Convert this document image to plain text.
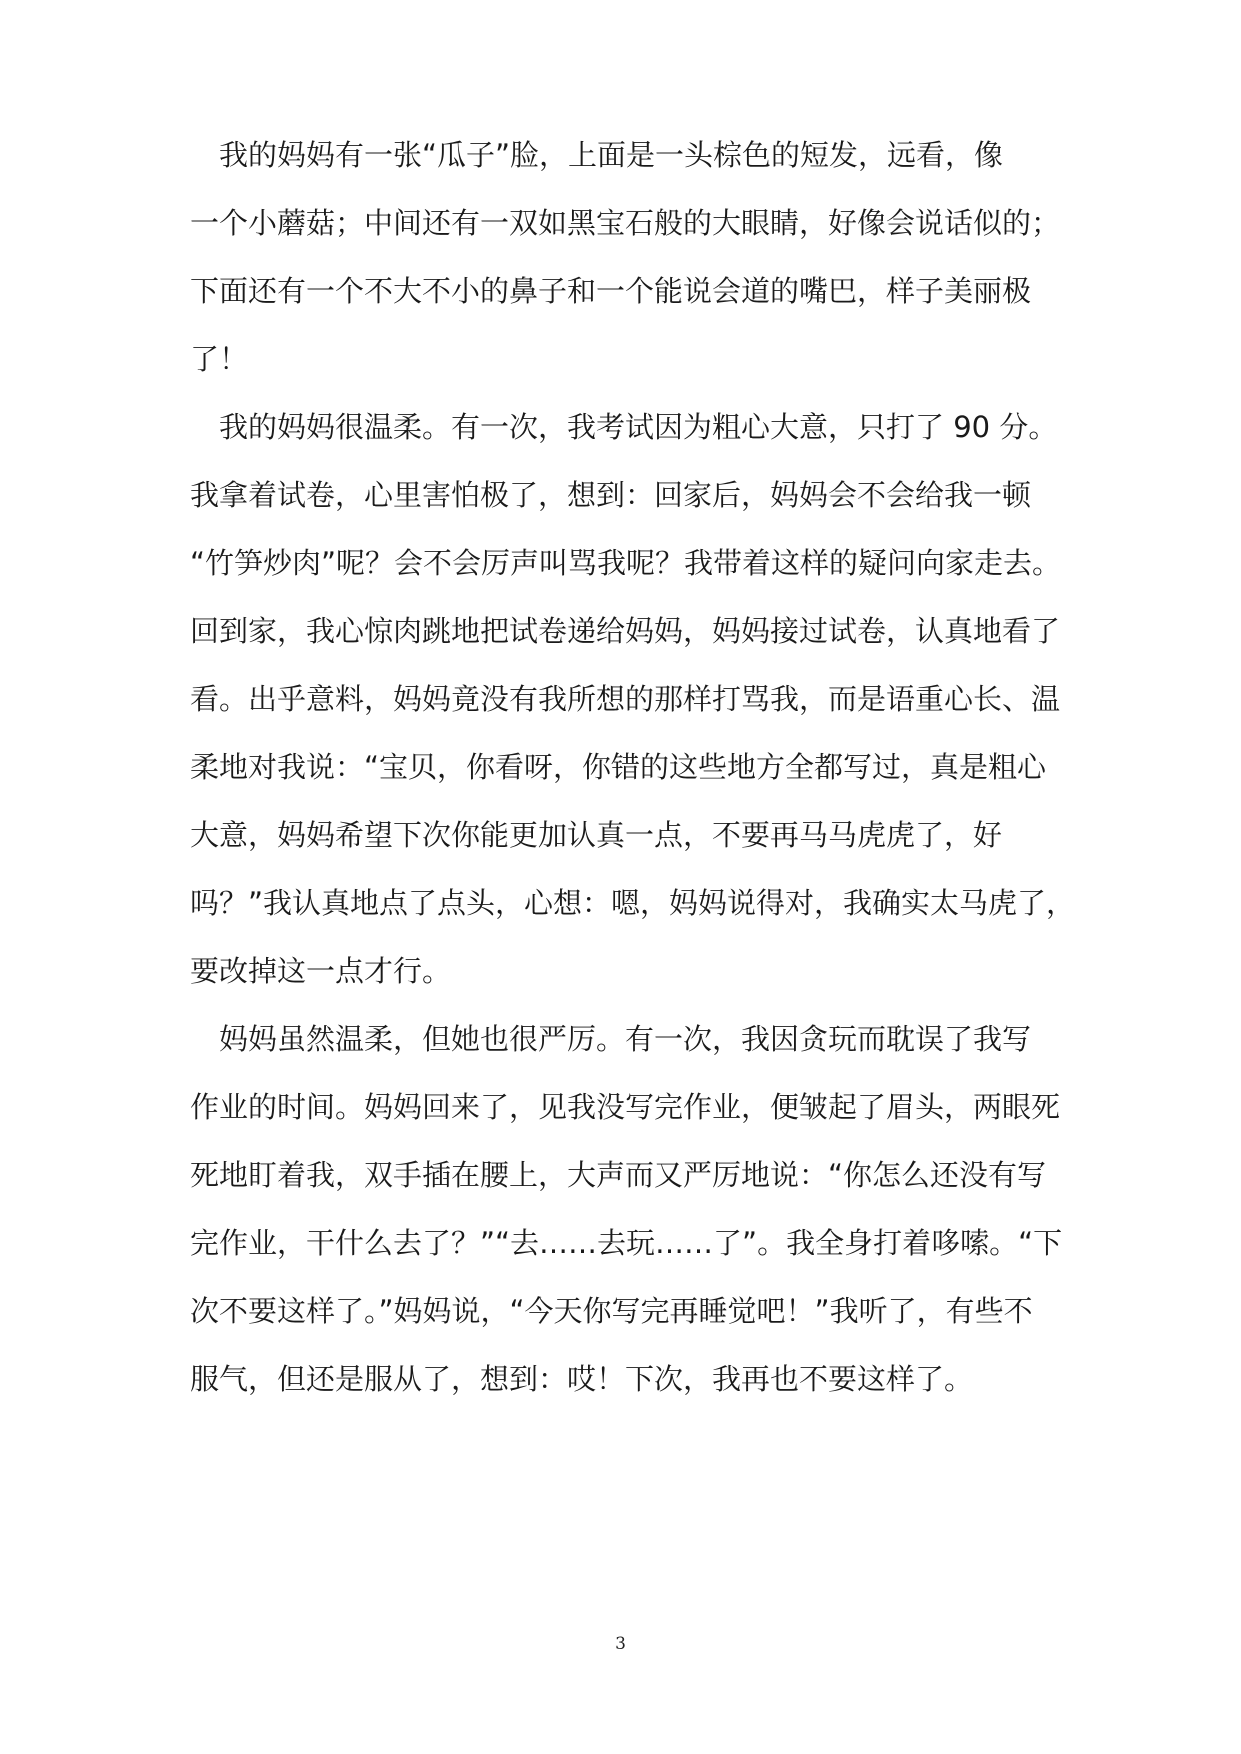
　我的妈妈有一张“瓜子”脸，上面是一头棕色的短发，远看，像
一个小蘑菇；中间还有一双如黑宝石般的大眼睛，好像会说话似的；
下面还有一个不大不小的鼻子和一个能说会道的嘴巴，样子美丽极
了！
　我的妈妈很温柔。有一次，我考试因为粗心大意，只打了 90 分。
我拿着试卷，心里害怕极了，想到：回家后，妈妈会不会给我一顿
“竹笋炒肉”呢？会不会厉声叫骂我呢？我带着这样的疑问向家走去。
回到家，我心惊肉跳地把试卷递给妈妈，妈妈接过试卷，认真地看了
看。出乎意料，妈妈竟没有我所想的那样打骂我，而是语重心长、温
柔地对我说：“宝贝，你看呀，你错的这些地方全都写过，真是粗心
大意，妈妈希望下次你能更加认真一点，不要再马马虎虎了，好
吗？”我认真地点了点头，心想：嗯，妈妈说得对，我确实太马虎了，
要改掉这一点才行。
　妈妈虽然温柔，但她也很严厉。有一次，我因贪玩而耽误了我写
作业的时间。妈妈回来了，见我没写完作业，便皱起了眉头，两眼死
死地盯着我，双手插在腰上，大声而又严厉地说：“你怎么还没有写
完作业，干什么去了？”“去……去玩……了”。我全身打着哆嗦。“下
次不要这样了。”妈妈说，“今天你写完再睡觉吧！”我听了，有些不
服气，但还是服从了，想到：哎！下次，我再也不要这样了。
3
